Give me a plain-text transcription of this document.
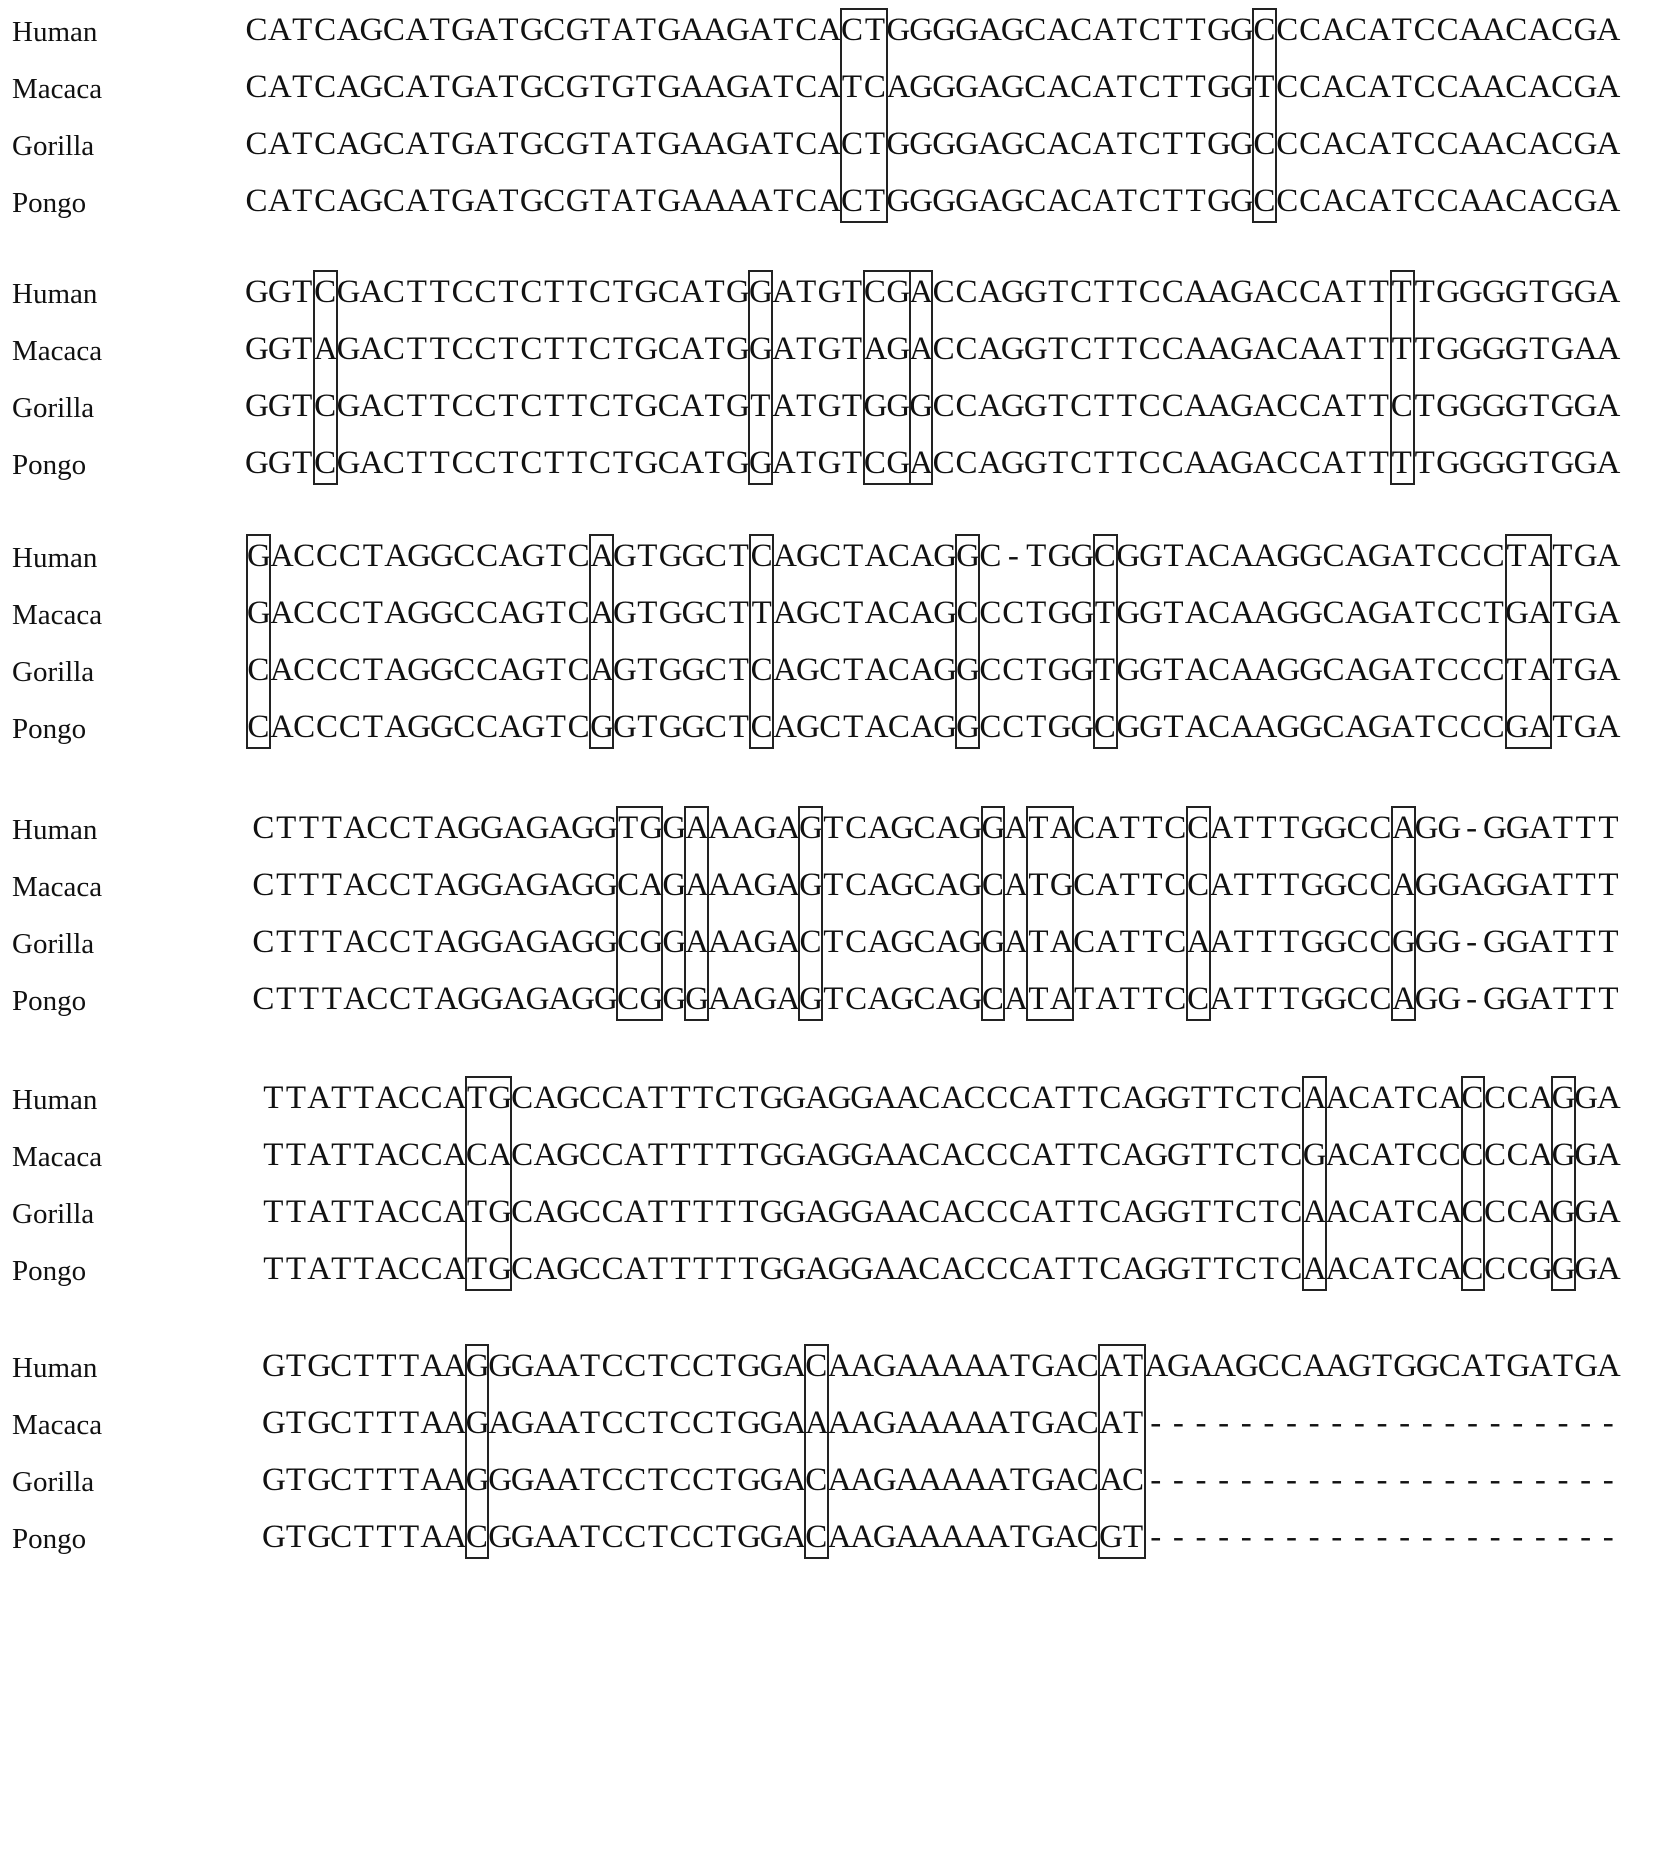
Human	CATCAGCATGATGCGTATGAAGATCACTGGGGAGCACATCTTGGCCCACATCCAACACGA
Macaca	CATCAGCATGATGCGTGTGAAGATCATCAGGGAGCACATCTTGGTCCACATCCAACACGA
Gorilla	CATCAGCATGATGCGTATGAAGATCACTGGGGAGCACATCTTGGCCCACATCCAACACGA
Pongo	CATCAGCATGATGCGTATGAAAATCACTGGGGAGCACATCTTGGCCCACATCCAACACGA
Human	GGTCGACTTCCTCTTCTGCATGGATGTCGACCAGGTCTTCCAAGACCATTTTGGGGTGGA
Macaca	GGTAGACTTCCTCTTCTGCATGGATGTAGACCAGGTCTTCCAAGACAATTTTGGGGTGAA
Gorilla	GGTCGACTTCCTCTTCTGCATGTATGTGGGCCAGGTCTTCCAAGACCATTCTGGGGTGGA
Pongo	GGTCGACTTCCTCTTCTGCATGGATGTCGACCAGGTCTTCCAAGACCATTTTGGGGTGGA
Human	GACCCTAGGCCAGTCAGTGGCTCAGCTACAGGC - TGGCGGTACAAGGCAGATCCCTATGA
Macaca	GACCCTAGGCCAGTCAGTGGCTTAGCTACAGCCCTGGTGGTACAAGGCAGATCCTGATGA
Gorilla	CACCCTAGGCCAGTCAGTGGCTCAGCTACAGGCCTGGTGGTACAAGGCAGATCCCTATGA
Pongo	CACCCTAGGCCAGTCGGTGGCTCAGCTACAGGCCTGGCGGTACAAGGCAGATCCCGATGA
Human	CTTTACCTAGGAGAGGTGGAAAGAGTCAGCAGGATACATTCCATTTGGCCAGG - GGATTT
Macaca	CTTTACCTAGGAGAGGCAGAAAGAGTCAGCAGCATGCATTCCATTTGGCCAGGAGGATTT
Gorilla	CTTTACCTAGGAGAGGCGGAAAGACTCAGCAGGATACATTCAATTTGGCCGGG - GGATTT
Pongo	CTTTACCTAGGAGAGGCGGGAAGAGTCAGCAGCATATATTCCATTTGGCCAGG - GGATTT
Human	TTATTACCATGCAGCCATTTCTGGAGGAACACCCATTCAGGTTCTCAACATCACCCAGGA
Macaca	TTATTACCACACAGCCATTTTTGGAGGAACACCCATTCAGGTTCTCGACATCCCCCAGGA
Gorilla	TTATTACCATGCAGCCATTTTTGGAGGAACACCCATTCAGGTTCTCAACATCACCCAGGA
Pongo	TTATTACCATGCAGCCATTTTTGGAGGAACACCCATTCAGGTTCTCAACATCACCCGGGA
Human	GTGCTTTAAGGGAATCCTCCTGGACAAGAAAAATGACATAGAAGCCAAGTGGCATGATGA
Macaca	GTGCTTTAAGAGAATCCTCCTGGAAAAGAAAAATGACAT - - - - - - - - - - - - - - - - - - - - -
Gorilla	GTGCTTTAAGGGAATCCTCCTGGACAAGAAAAATGACAC - - - - - - - - - - - - - - - - - - - - -
Pongo	GTGCTTTAACGGAATCCTCCTGGACAAGAAAAATGACGT - - - - - - - - - - - - - - - - - - - - -
